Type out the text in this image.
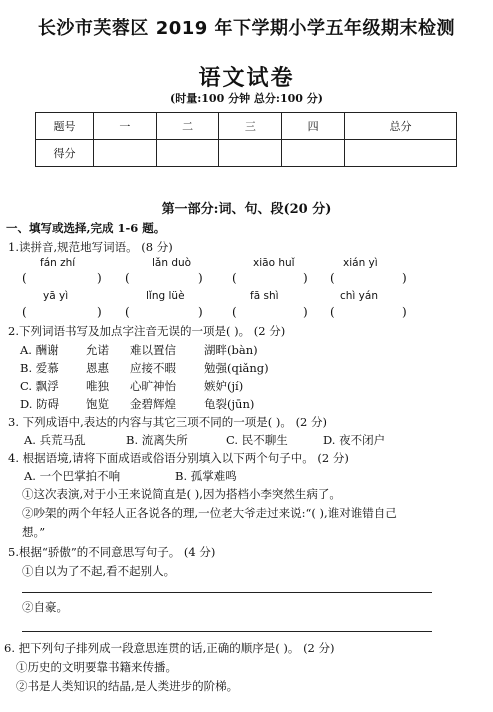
长沙市芙蓉区 2019 年下学期小学五年级期末检测
语文试卷
(时量:100 分钟 总分:100 分)
题号	一	二	三	四	总分
得分					
第一部分:词、句、段(20 分)
一、填写或选择,完成 1-6 题。
1.读拼音,规范地写词语。 (8 分)
fán zhí	lǎn duò	xiāo huǐ	xián yì
(	) (	) (	) (	)
yā yì	lǐng lüè	fā shì	chì yán
(	) (	) (	) (	)
2.下列词语书写及加点字注音无误的一项是( )。 (2 分)
A. 酬谢 允诺 难以置信 湖畔(bàn)
B. 爱慕 恩惠 应接不暇 勉强(qiǎng)
C. 飘浮 唯独 心旷神怡 嫉妒(jí)
D. 防碍 饱览 金碧辉煌 龟裂(jūn)
3. 下列成语中,表达的内容与其它三项不同的一项是( )。 (2 分)
A. 兵荒马乱	B. 流离失所	C. 民不聊生	D. 夜不闭户
4. 根据语境,请将下面成语或俗语分别填入以下两个句子中。 (2 分)
A. 一个巴掌拍不响	B. 孤掌难鸣
①这次表演,对于小王来说简直是( ),因为搭档小李突然生病了。
②吵架的两个年轻人正各说各的理,一位老大爷走过来说:“( ),谁对谁错自己
想。”
5.根据“骄傲”的不同意思写句子。 (4 分)
①自以为了不起,看不起别人。
②自豪。
6. 把下列句子排列成一段意思连贯的话,正确的顺序是( )。 (2 分)
①历史的文明要靠书籍来传播。
②书是人类知识的结晶,是人类进步的阶梯。
